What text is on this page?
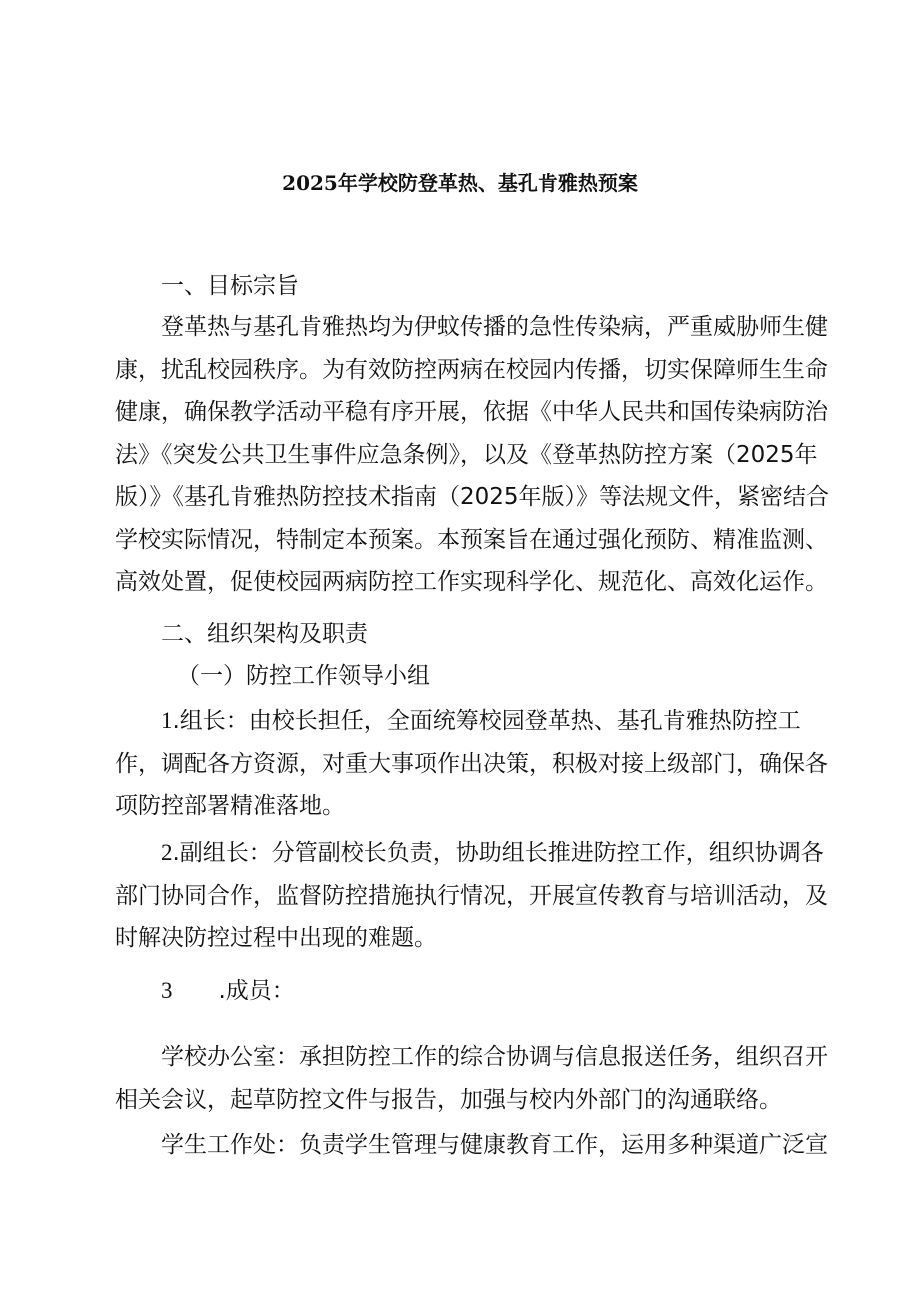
2025年学校防登革热、基孔肯雅热预案
一、目标宗旨

登革热与基孔肯雅热均为伊蚊传播的急性传染病，严重威胁师生健康，扰乱校园秩序。为有效防控两病在校园内传播，切实保障师生生命健康，确保教学活动平稳有序开展，依据《中华人民共和国传染病防治法》《突发公共卫生事件应急条例》，以及《登革热防控方案（2025年版）》《基孔肯雅热防控技术指南（2025年版）》等法规文件，紧密结合学校实际情况，特制定本预案。本预案旨在通过强化预防、精准监测、高效处置，促使校园两病防控工作实现科学化、规范化、高效化运作。

二、组织架构及职责
（一）防控工作领导小组

1.组长：由校长担任，全面统筹校园登革热、基孔肯雅热防控工作，调配各方资源，对重大事项作出决策，积极对接上级部门，确保各项防控部署精准落地。

2.副组长：分管副校长负责，协助组长推进防控工作，组织协调各部门协同合作，监督防控措施执行情况，开展宣传教育与培训活动，及时解决防控过程中出现的难题。

3 .成员：

学校办公室：承担防控工作的综合协调与信息报送任务，组织召开相关会议，起草防控文件与报告，加强与校内外部门的沟通联络。

学生工作处：负责学生管理与健康教育工作，运用多种渠道广泛宣
